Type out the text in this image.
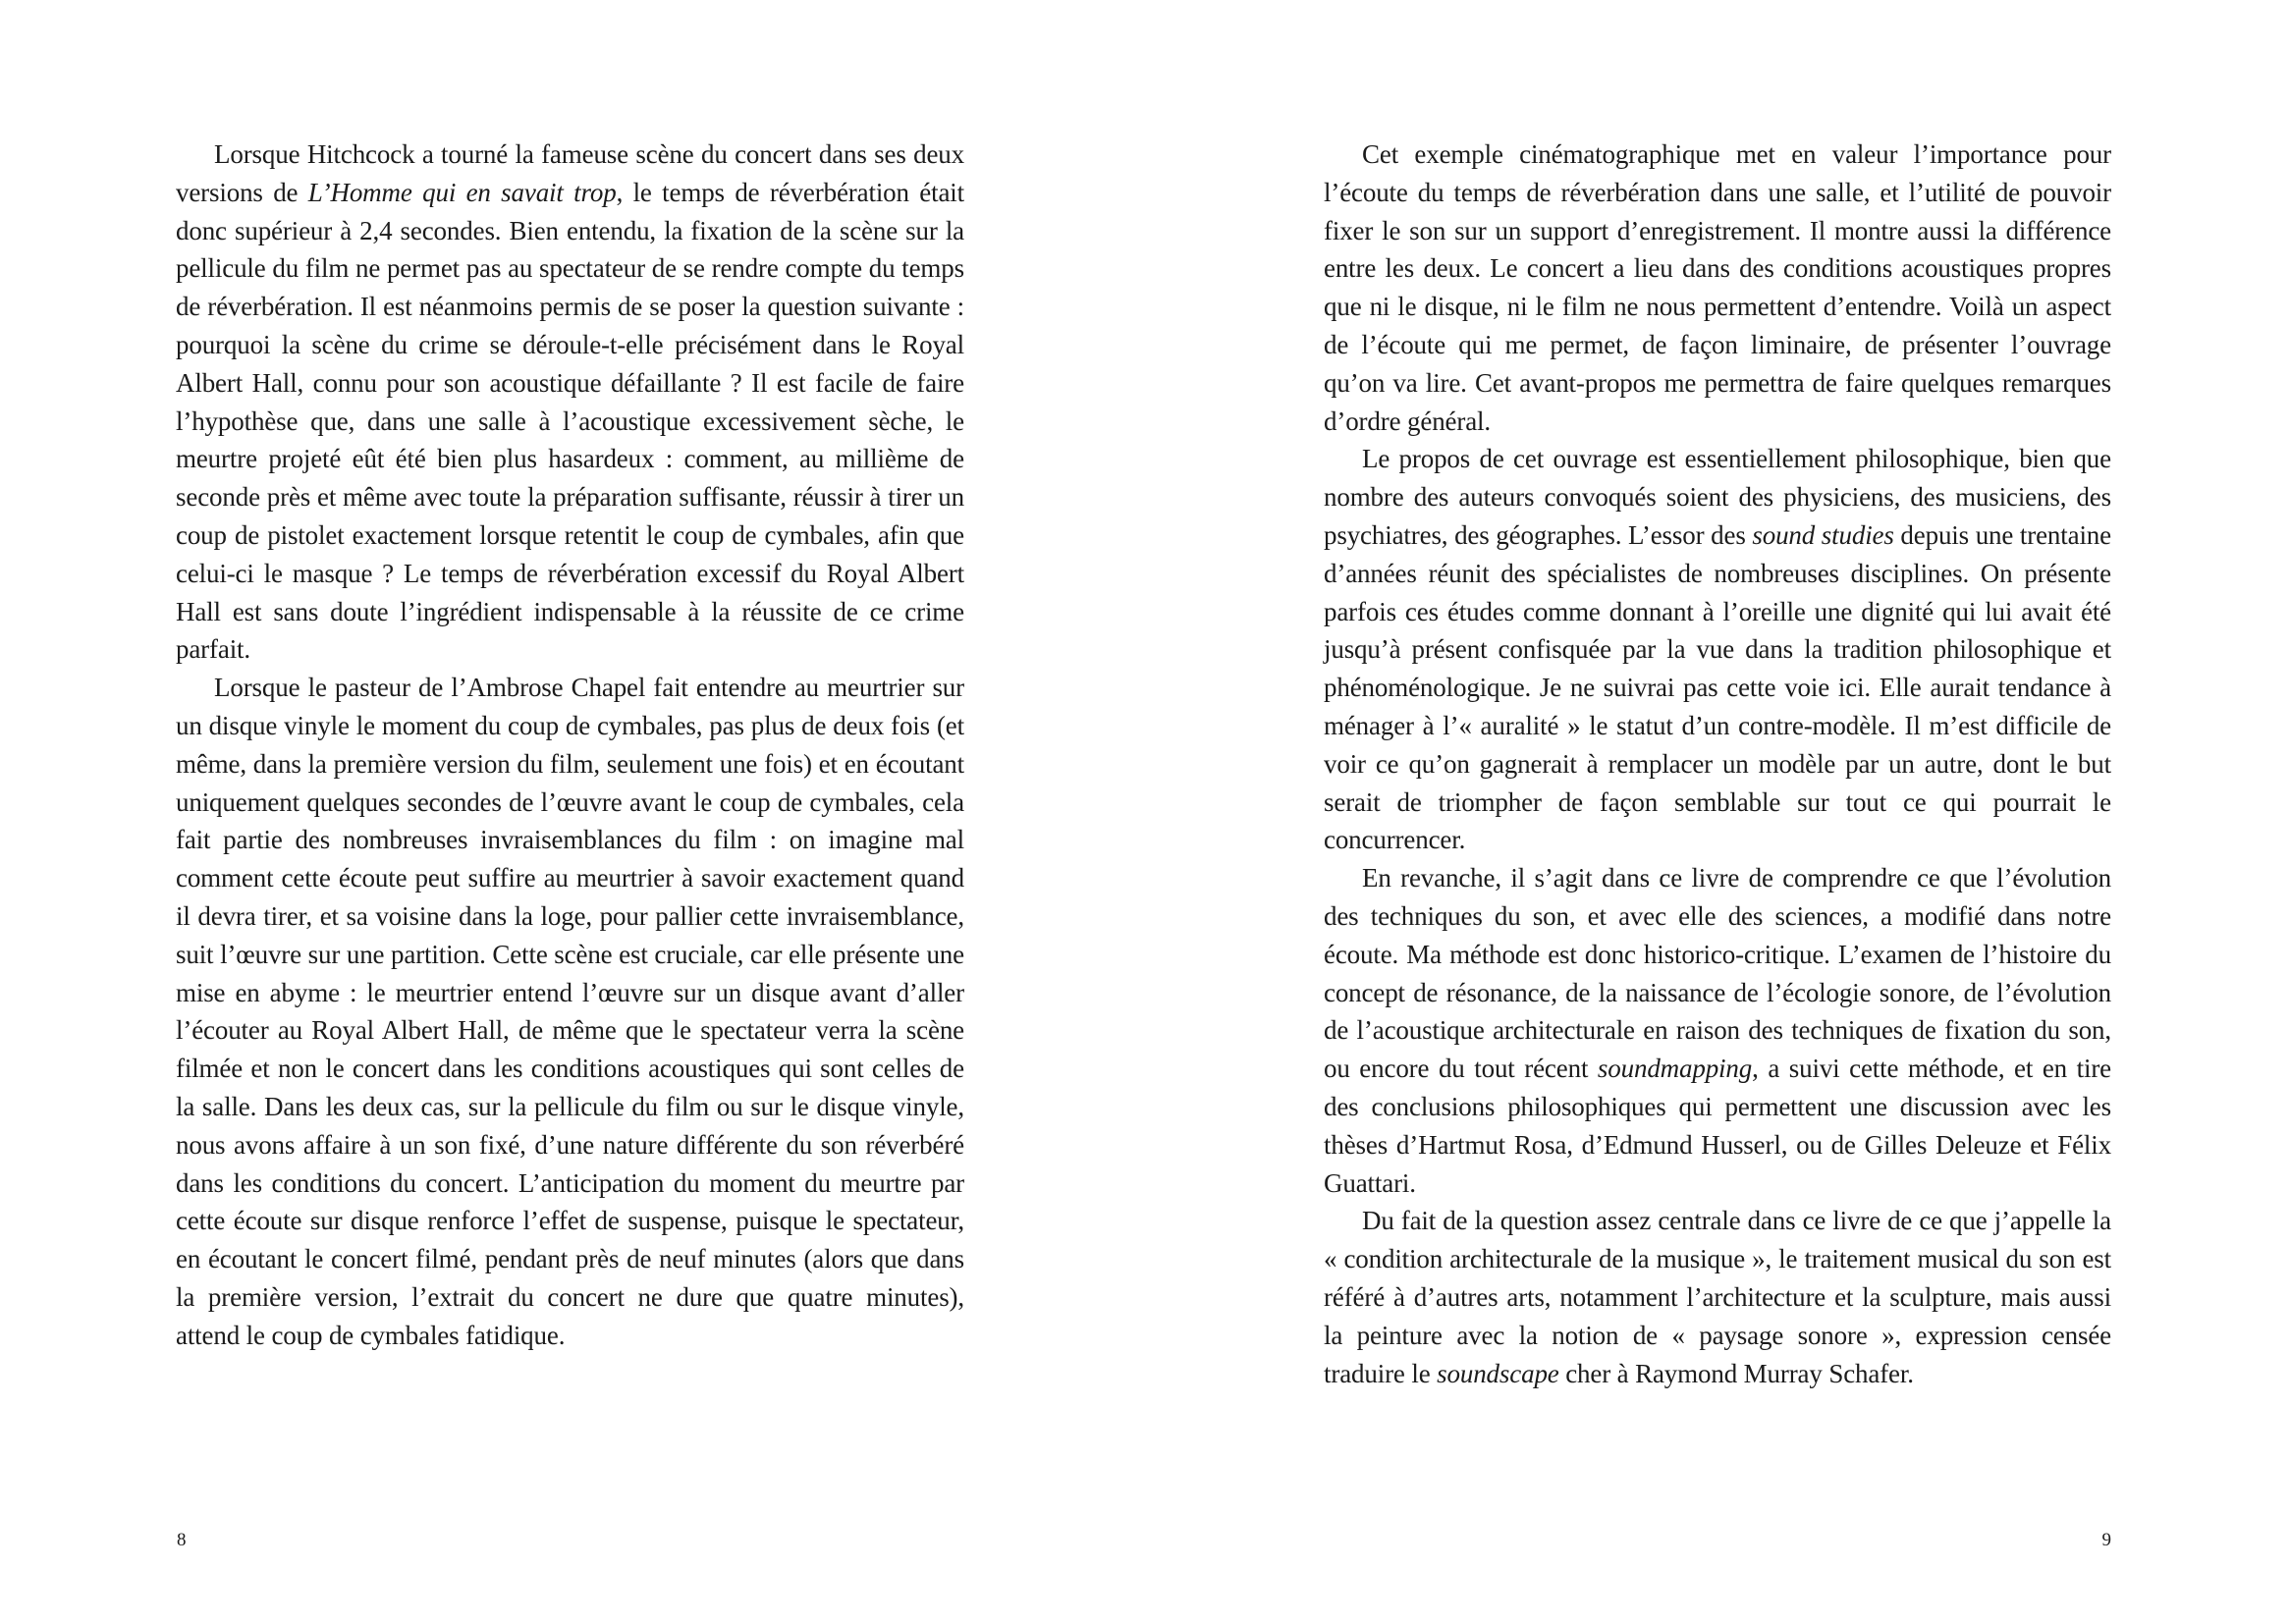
Lorsque Hitchcock a tourné la fameuse scène du concert dans ses deux versions de L’Homme qui en savait trop, le temps de réverbération était donc supérieur à 2,4 secondes. Bien entendu, la fixation de la scène sur la pellicule du film ne permet pas au spectateur de se rendre compte du temps de réverbération. Il est néanmoins permis de se poser la question suivante : pourquoi la scène du crime se déroule-t-elle précisément dans le Royal Albert Hall, connu pour son acoustique défaillante ? Il est facile de faire l’hypothèse que, dans une salle à l’acoustique excessivement sèche, le meurtre projeté eût été bien plus hasardeux : comment, au millième de seconde près et même avec toute la préparation suffisante, réussir à tirer un coup de pistolet exactement lorsque retentit le coup de cymbales, afin que celui-ci le masque ? Le temps de réverbération excessif du Royal Albert Hall est sans doute l’ingrédient indispensable à la réussite de ce crime parfait.

Lorsque le pasteur de l’Ambrose Chapel fait entendre au meurtrier sur un disque vinyle le moment du coup de cymbales, pas plus de deux fois (et même, dans la première version du film, seulement une fois) et en écoutant uniquement quelques secondes de l’œuvre avant le coup de cymbales, cela fait partie des nombreuses invraisemblances du film : on imagine mal comment cette écoute peut suffire au meurtrier à savoir exactement quand il devra tirer, et sa voisine dans la loge, pour pallier cette invraisemblance, suit l’œuvre sur une partition. Cette scène est cruciale, car elle présente une mise en abyme : le meurtrier entend l’œuvre sur un disque avant d’aller l’écouter au Royal Albert Hall, de même que le spectateur verra la scène filmée et non le concert dans les conditions acoustiques qui sont celles de la salle. Dans les deux cas, sur la pellicule du film ou sur le disque vinyle, nous avons affaire à un son fixé, d’une nature différente du son réverbéré dans les conditions du concert. L’anticipation du moment du meurtre par cette écoute sur disque renforce l’effet de suspense, puisque le spectateur, en écoutant le concert filmé, pendant près de neuf minutes (alors que dans la première version, l’extrait du concert ne dure que quatre minutes), attend le coup de cymbales fatidique.

8

Cet exemple cinématographique met en valeur l’importance pour l’écoute du temps de réverbération dans une salle, et l’utilité de pouvoir fixer le son sur un support d’enregistrement. Il montre aussi la différence entre les deux. Le concert a lieu dans des conditions acoustiques propres que ni le disque, ni le film ne nous permettent d’entendre. Voilà un aspect de l’écoute qui me permet, de façon liminaire, de présenter l’ouvrage qu’on va lire. Cet avant-propos me permettra de faire quelques remarques d’ordre général.

Le propos de cet ouvrage est essentiellement philosophique, bien que nombre des auteurs convoqués soient des physiciens, des musiciens, des psychiatres, des géographes. L’essor des sound studies depuis une trentaine d’années réunit des spécialistes de nombreuses disciplines. On présente parfois ces études comme donnant à l’oreille une dignité qui lui avait été jusqu’à présent confisquée par la vue dans la tradition philosophique et phénoménologique. Je ne suivrai pas cette voie ici. Elle aurait tendance à ménager à l’« auralité » le statut d’un contre-modèle. Il m’est difficile de voir ce qu’on gagnerait à remplacer un modèle par un autre, dont le but serait de triompher de façon semblable sur tout ce qui pourrait le concurrencer.

En revanche, il s’agit dans ce livre de comprendre ce que l’évolution des techniques du son, et avec elle des sciences, a modifié dans notre écoute. Ma méthode est donc historico-critique. L’examen de l’histoire du concept de résonance, de la naissance de l’écologie sonore, de l’évolution de l’acoustique architecturale en raison des techniques de fixation du son, ou encore du tout récent soundmapping, a suivi cette méthode, et en tire des conclusions philosophiques qui permettent une discussion avec les thèses d’Hartmut Rosa, d’Edmund Husserl, ou de Gilles Deleuze et Félix Guattari.

Du fait de la question assez centrale dans ce livre de ce que j’appelle la « condition architecturale de la musique », le traitement musical du son est référé à d’autres arts, notamment l’architecture et la sculpture, mais aussi la peinture avec la notion de « paysage sonore », expression censée traduire le soundscape cher à Raymond Murray Schafer.

9
